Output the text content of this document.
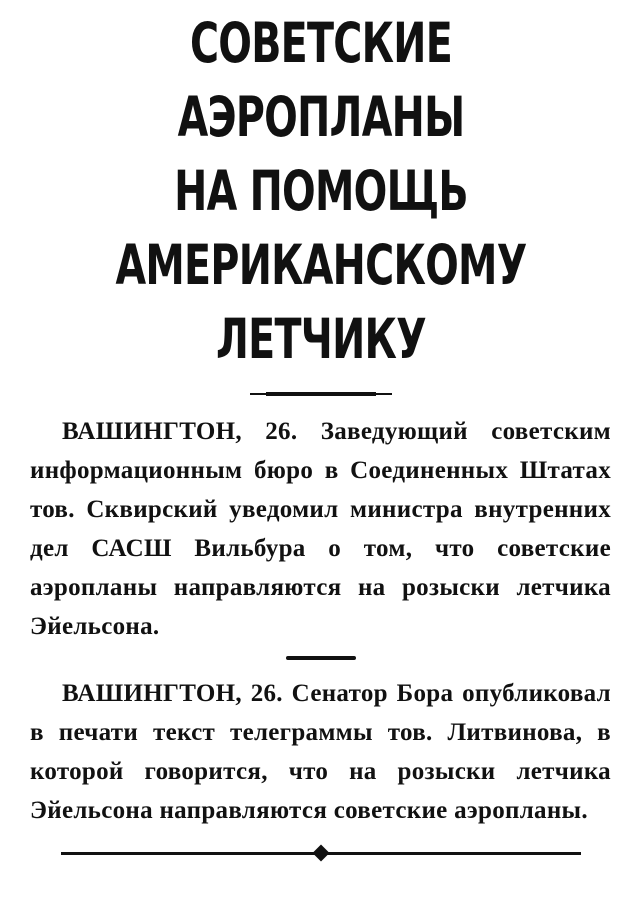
СОВЕТСКИЕ АЭРОПЛАНЫ
НА ПОМОЩЬ
АМЕРИКАНСКОМУ
ЛЕТЧИКУ

ВАШИНГТОН, 26. Заведующий советским информационным бюро в Соединенных Штатах тов. Сквирский уведомил министра внутренних дел САСШ Вильбура о том, что советские аэропланы направляются на розыски летчика Эйельсона.

ВАШИНГТОН, 26. Сенатор Бора опубликовал в печати текст телеграммы тов. Литвинова, в которой говорится, что на розыски летчика Эйельсона направляются советские аэропланы.
